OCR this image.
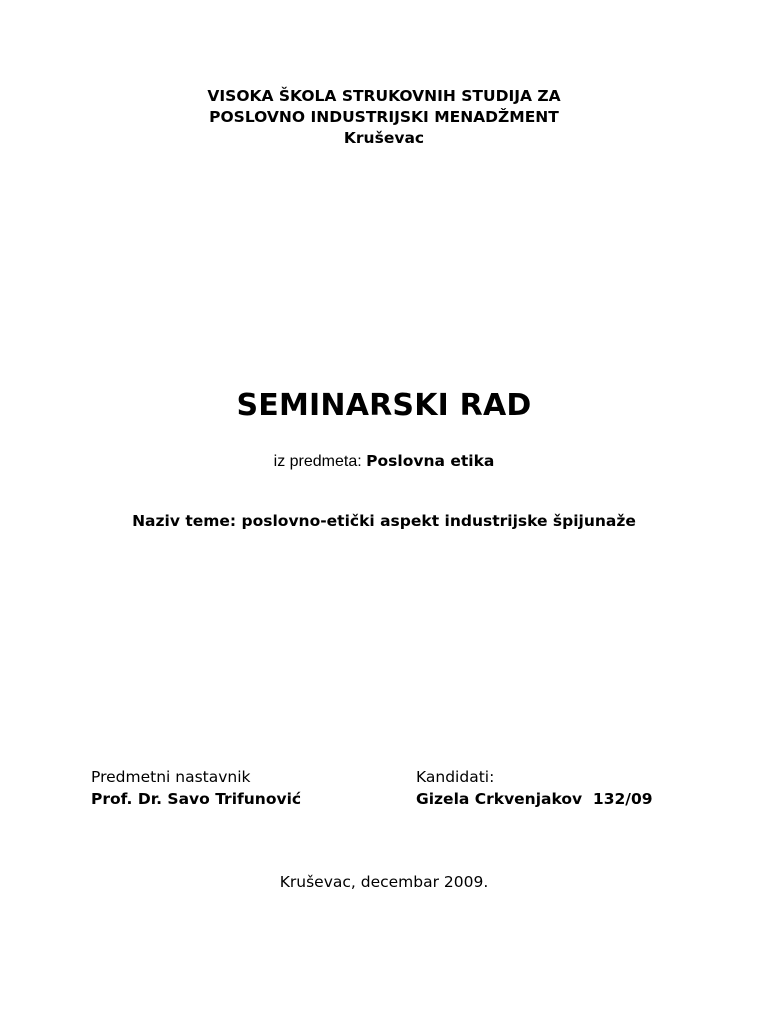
VISOKA ŠKOLA STRUKOVNIH STUDIJA ZA
POSLOVNO INDUSTRIJSKI MENADŽMENT
Kruševac
SEMINARSKI RAD
iz predmeta: Poslovna etika
Naziv teme: poslovno-etički aspekt industrijske špijunaže
Predmetni nastavnik
Prof. Dr. Savo Trifunović
Kandidati:
Gizela Crkvenjakov  132/09
Kruševac, decembar 2009.
